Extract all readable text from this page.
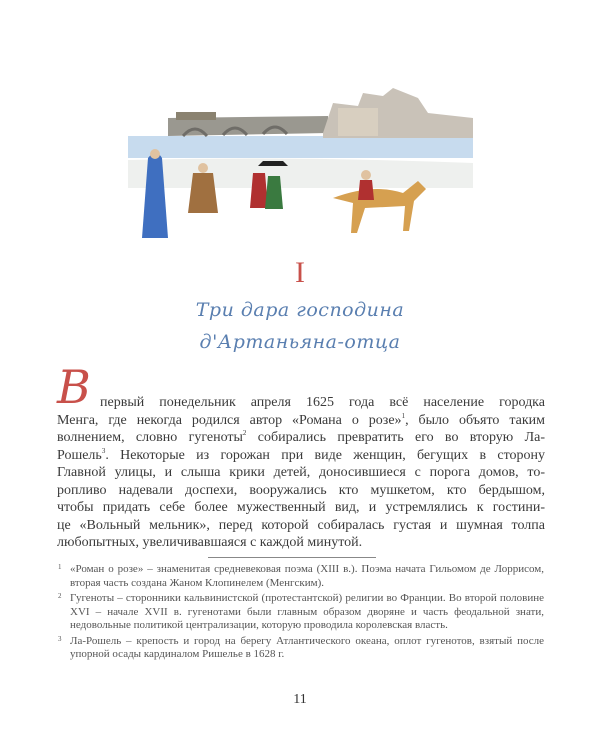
I
Три дара господина
д'Артаньяна-отца
В первый понедельник апреля 1625 года всё население городка
Менга, где некогда родился автор «Романа о розе»$^1$, было объято таким
волнением, словно гугеноты$^2$ собирались превратить его во вторую Ла-
Рошель$^3$. Некоторые из горожан при виде женщин, бегущих в сторону
Главной улицы, и слыша крики детей, доносившиеся с порога домов, то-
ропливо надевали доспехи, вооружались кто мушкетом, кто бердышом,
чтобы придать себе более мужественный вид, и устремлялись к гостини-
це «Вольный мельник», перед которой собиралась густая и шумная толпа
любопытных, увеличивавшаяся с каждой минутой.
1 «Роман о розе» – знаменитая средневековая поэма (XIII в.). Поэма начата Гильомом де Лоррисом, вторая часть создана Жаном Клопинелем (Менгским).
2 Гугеноты – сторонники кальвинистской (протестантской) религии во Франции. Во второй половине XVI – начале XVII в. гугенотами были главным образом дворяне и часть феодальной знати, недовольные политикой централизации, которую проводила королевская власть.
3 Ла-Рошель – крепость и город на берегу Атлантического океана, оплот гугенотов, взятый после упорной осады кардиналом Ришелье в 1628 г.
11
